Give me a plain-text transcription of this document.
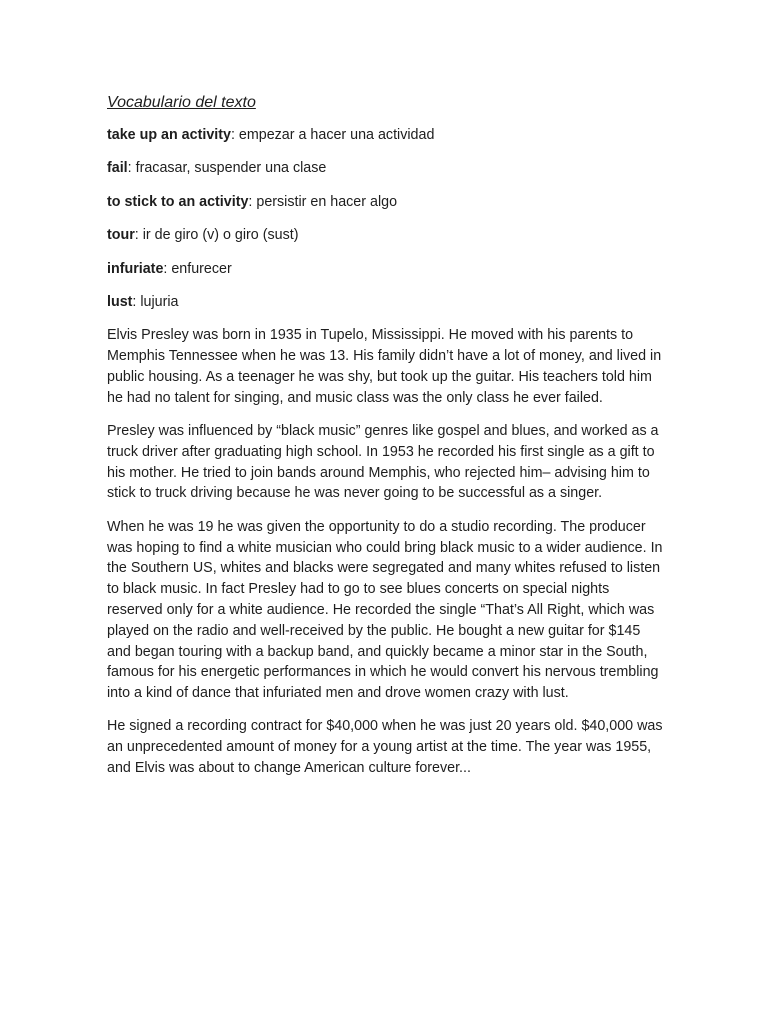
Vocabulario del texto

take up an activity: empezar a hacer una actividad

fail: fracasar, suspender una clase

to stick to an activity: persistir en hacer algo

tour: ir de giro (v) o giro (sust)

infuriate: enfurecer

lust: lujuria

Elvis Presley was born in 1935 in Tupelo, Mississippi. He moved with his parents to Memphis Tennessee when he was 13. His family didn’t have a lot of money, and lived in public housing. As a teenager he was shy, but took up the guitar. His teachers told him he had no talent for singing, and music class was the only class he ever failed.

Presley was influenced by “black music” genres like gospel and blues, and worked as a truck driver after graduating high school. In 1953 he recorded his first single as a gift to his mother. He tried to join bands around Memphis, who rejected him– advising him to stick to truck driving because he was never going to be successful as a singer.

When he was 19 he was given the opportunity to do a studio recording. The producer was hoping to find a white musician who could bring black music to a wider audience. In the Southern US, whites and blacks were segregated and many whites refused to listen to black music. In fact Presley had to go to see blues concerts on special nights reserved only for a white audience. He recorded the single “That’s All Right, which was played on the radio and well-received by the public. He bought a new guitar for $145 and began touring with a backup band, and quickly became a minor star in the South, famous for his energetic performances in which he would convert his nervous trembling into a kind of dance that infuriated men and drove women crazy with lust.

He signed a recording contract for $40,000 when he was just 20 years old. $40,000 was an unprecedented amount of money for a young artist at the time. The year was 1955, and Elvis was about to change American culture forever...
